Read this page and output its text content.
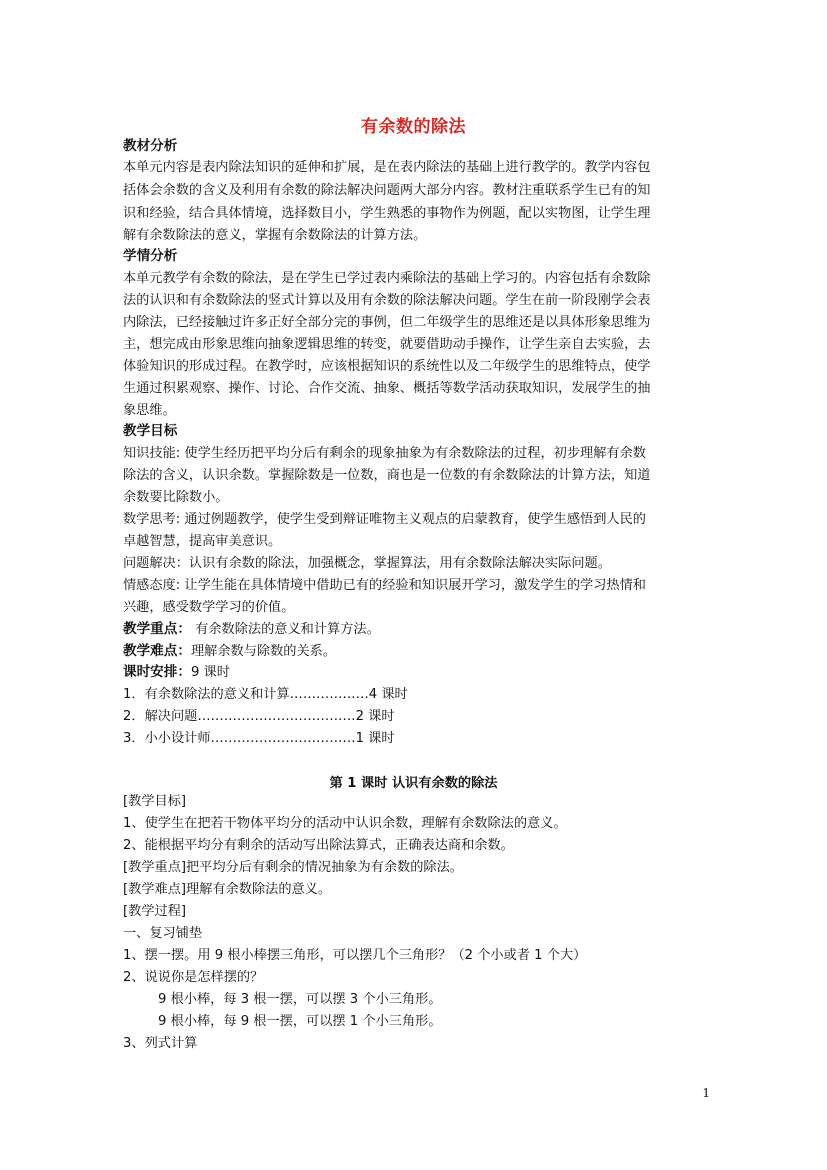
有余数的除法
教材分析
本单元内容是表内除法知识的延伸和扩展，是在表内除法的基础上进行教学的。教学内容包
括体会余数的含义及利用有余数的除法解决问题两大部分内容。教材注重联系学生已有的知
识和经验，结合具体情境，选择数目小，学生熟悉的事物作为例题，配以实物图，让学生理
解有余数除法的意义，掌握有余数除法的计算方法。
学情分析
本单元教学有余数的除法，是在学生已学过表内乘除法的基础上学习的。内容包括有余数除
法的认识和有余数除法的竖式计算以及用有余数的除法解决问题。学生在前一阶段刚学会表
内除法，已经接触过许多正好全部分完的事例，但二年级学生的思维还是以具体形象思维为
主，想完成由形象思维向抽象逻辑思维的转变，就要借助动手操作，让学生亲自去实验，去
体验知识的形成过程。在教学时，应该根据知识的系统性以及二年级学生的思维特点，使学
生通过积累观察、操作、讨论、合作交流、抽象、概括等数学活动获取知识，发展学生的抽
象思维。
教学目标
知识技能: 使学生经历把平均分后有剩余的现象抽象为有余数除法的过程，初步理解有余数
除法的含义，认识余数。掌握除数是一位数，商也是一位数的有余数除法的计算方法，知道
余数要比除数小。
数学思考: 通过例题教学，使学生受到辩证唯物主义观点的启蒙教育，使学生感悟到人民的
卓越智慧，提高审美意识。
问题解决：认识有余数的除法，加强概念，掌握算法，用有余数除法解决实际问题。
情感态度: 让学生能在具体情境中借助已有的经验和知识展开学习，激发学生的学习热情和
兴趣，感受数学学习的价值。
教学重点： 有余数除法的意义和计算方法。
教学难点：理解余数与除数的关系。
课时安排：9 课时
1．有余数除法的意义和计算………………4 课时
2．解决问题………………………………2 课时
3．小小设计师……………………………1 课时
第 1 课时 认识有余数的除法
[教学目标]
1、使学生在把若干物体平均分的活动中认识余数，理解有余数除法的意义。
2、能根据平均分有剩余的活动写出除法算式，正确表达商和余数。
[教学重点]把平均分后有剩余的情况抽象为有余数的除法。
[教学难点]理解有余数除法的意义。
[教学过程]
一、复习铺垫
1、摆一摆。用 9 根小棒摆三角形，可以摆几个三角形？（2 个小或者 1 个大）
2、说说你是怎样摆的？
9 根小棒，每 3 根一摆，可以摆 3 个小三角形。
9 根小棒，每 9 根一摆，可以摆 1 个小三角形。
3、列式计算
1
